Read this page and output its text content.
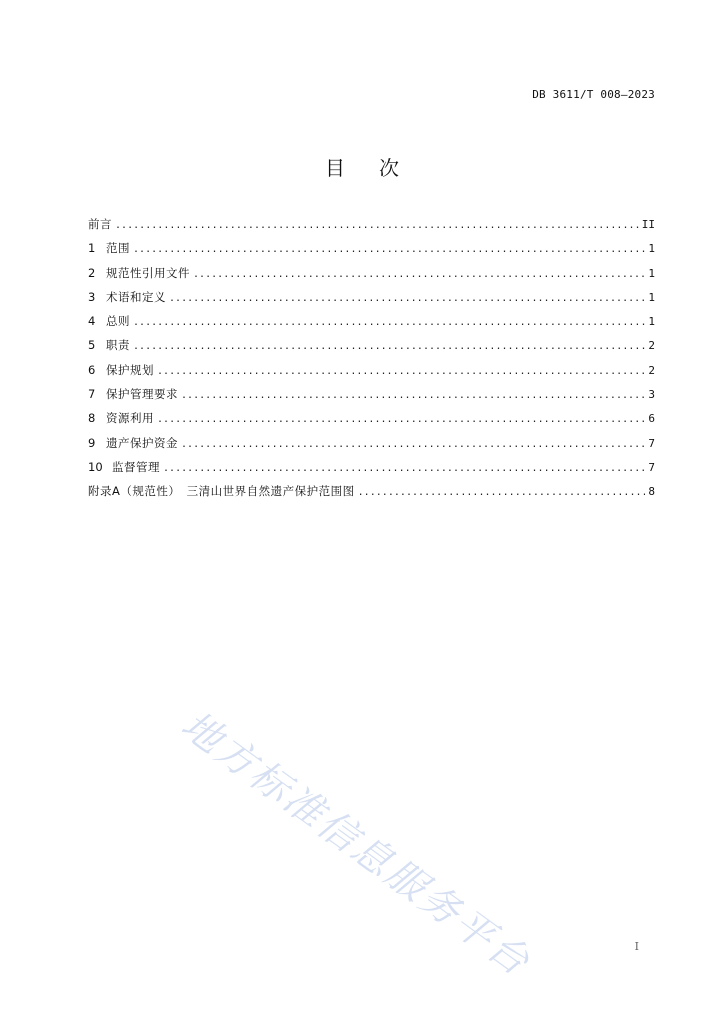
DB 3611/T 008—2023
目次
前言 . . .	II
1 范围 . . .	1
2 规范性引用文件 . . .	1
3 术语和定义 . . .	1
4 总则 . . .	1
5 职责 . . .	2
6 保护规划 . . .	2
7 保护管理要求 . . .	3
8 资源利用 . . .	6
9 遗产保护资金 . . .	7
10 监督管理 . . .	7
附录A（规范性）　三清山世界自然遗产保护范围图 . . .	8
地方标准信息服务平台	I
